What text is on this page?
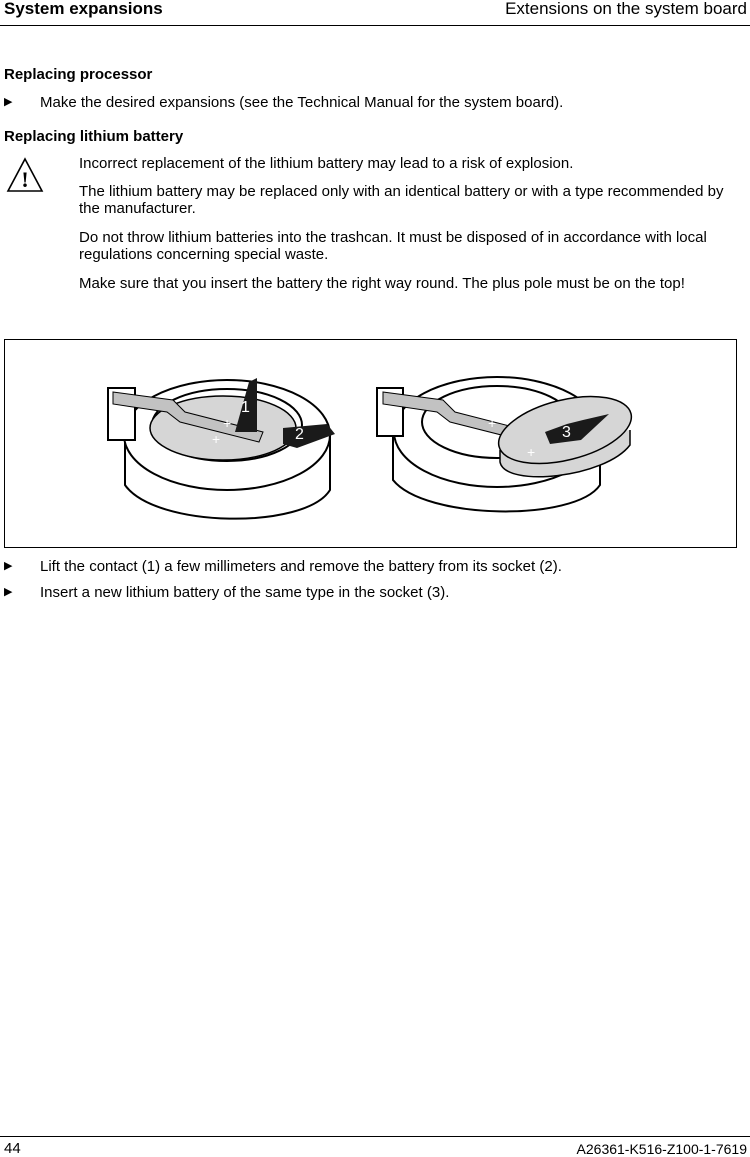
System expansions	Extensions on the system board
Replacing processor
▶ Make the desired expansions (see the Technical Manual for the system board).
Replacing lithium battery
!
Incorrect replacement of the lithium battery may lead to a risk of explosion.
The lithium battery may be replaced only with an identical battery or with a type recommended by the manufacturer.
Do not throw lithium batteries into the trashcan. It must be disposed of in accordance with local regulations concerning special waste.
Make sure that you insert the battery the right way round. The plus pole must be on the top!
1
2	3
+
+
+
+
▶ Lift the contact (1) a few millimeters and remove the battery from its socket (2).
▶ Insert a new lithium battery of the same type in the socket (3).
44	A26361-K516-Z100-1-7619
